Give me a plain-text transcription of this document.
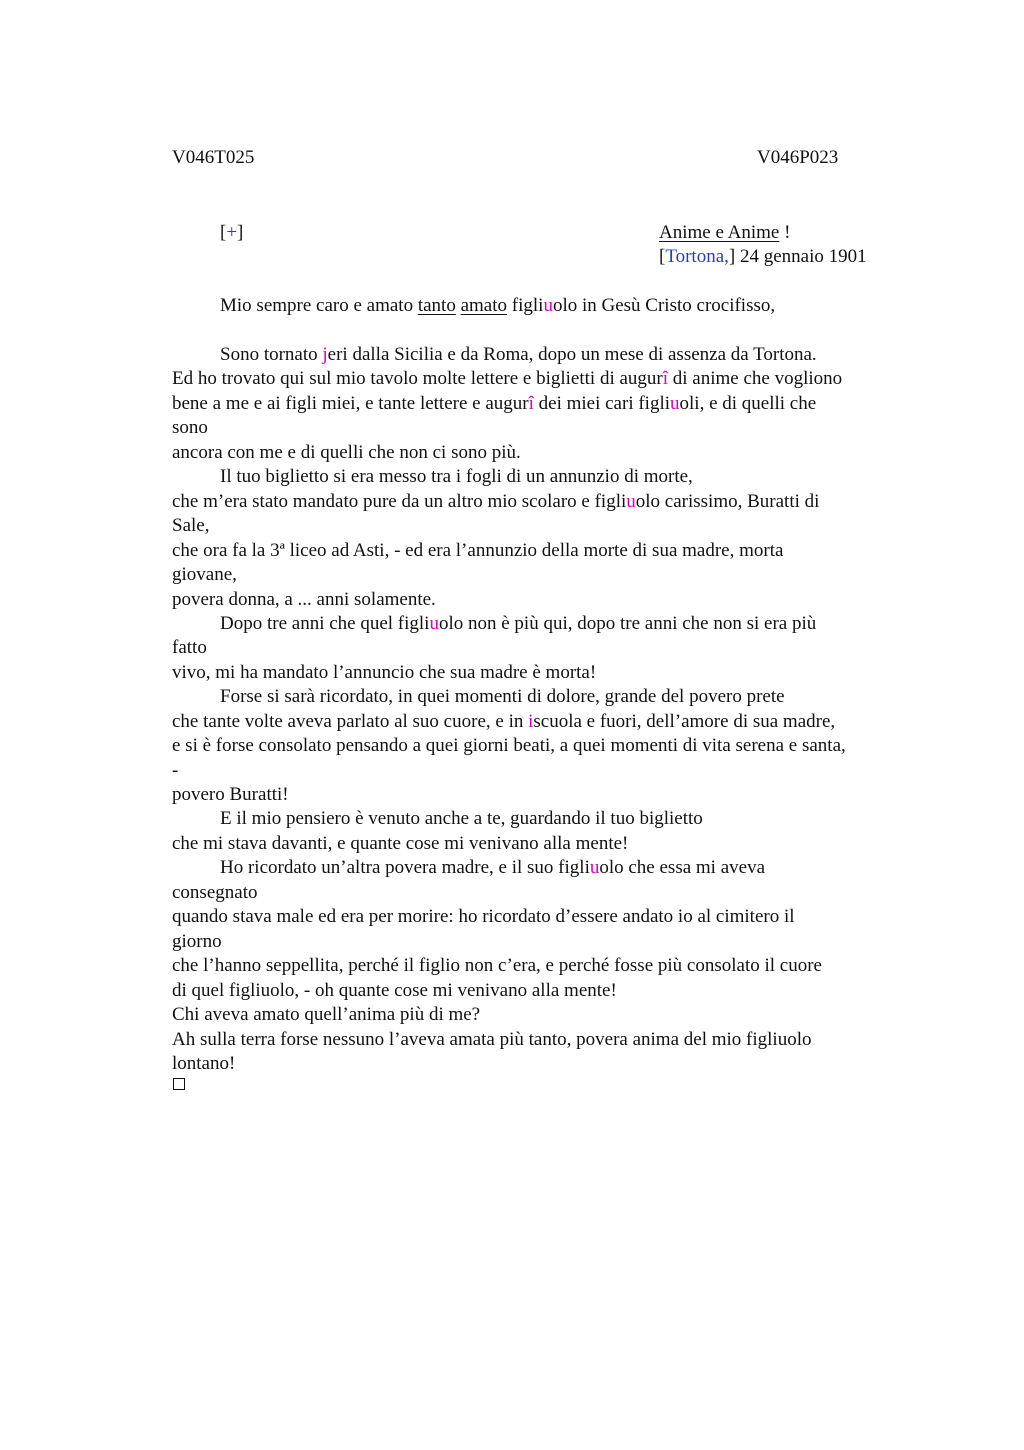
V046T025	V046P023
[+]	Anime e Anime !
[Tortona,] 24 gennaio 1901
Mio sempre caro e amato tanto amato figliuolo in Gesù Cristo crocifisso,
Sono tornato jeri dalla Sicilia e da Roma, dopo un mese di assenza da Tortona.
Ed ho trovato qui sul mio tavolo molte lettere e biglietti di augurî di anime che vogliono
bene a me e ai figli miei, e tante lettere e augurî dei miei cari figliuoli, e di quelli che
sono
ancora con me e di quelli che non ci sono più.
Il tuo biglietto si era messo tra i fogli di un annunzio di morte,
che m’era stato mandato pure da un altro mio scolaro e figliuolo carissimo, Buratti di
Sale,
che ora fa la 3ª liceo ad Asti, - ed era l’annunzio della morte di sua madre, morta
giovane,
povera donna, a ... anni solamente.
Dopo tre anni che quel figliuolo non è più qui, dopo tre anni che non si era più
fatto
vivo, mi ha mandato l’annuncio che sua madre è morta!
Forse si sarà ricordato, in quei momenti di dolore, grande del povero prete
che tante volte aveva parlato al suo cuore, e in iscuola e fuori, dell’amore di sua madre,
e si è forse consolato pensando a quei giorni beati, a quei momenti di vita serena e santa,
-
povero Buratti!
E il mio pensiero è venuto anche a te, guardando il tuo biglietto
che mi stava davanti, e quante cose mi venivano alla mente!
Ho ricordato un’altra povera madre, e il suo figliuolo che essa mi aveva
consegnato
quando stava male ed era per morire: ho ricordato d’essere andato io al cimitero il
giorno
che l’hanno seppellita, perché il figlio non c’era, e perché fosse più consolato il cuore
di quel figliuolo, - oh quante cose mi venivano alla mente!
Chi aveva amato quell’anima più di me?
Ah sulla terra forse nessuno l’aveva amata più tanto, povera anima del mio figliuolo
lontano!
